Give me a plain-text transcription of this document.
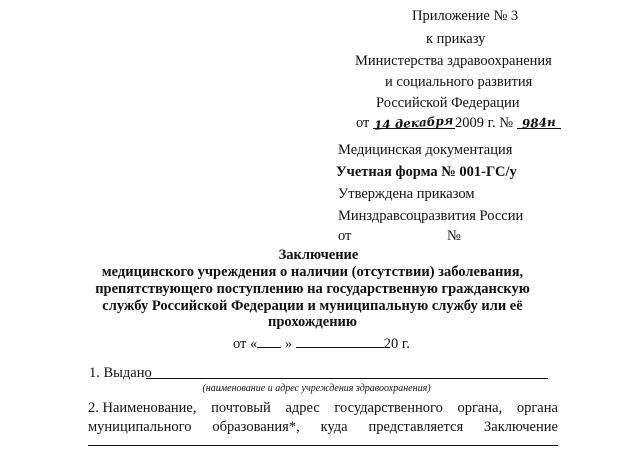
Приложение № 3
к приказу
Министерства здравоохранения
и социального развития
Российской Федерации
от 14 декабря2009 г. № 984н
Медицинская документация
Учетная форма № 001-ГС/у
Утверждена приказом
Минздравсоцразвития России
от	№
Заключение
медицинского учреждения о наличии (отсутствии) заболевания,
препятствующего поступлению на государственную гражданскую
службу Российской Федерации и муниципальную службу или её
прохождению
от « »	20 г.
1. Выдано
(наименование и адрес учреждения здравоохранения)
2. Наименование, почтовый адрес государственного органа, органа
муниципального образования*, куда представляется Заключение
